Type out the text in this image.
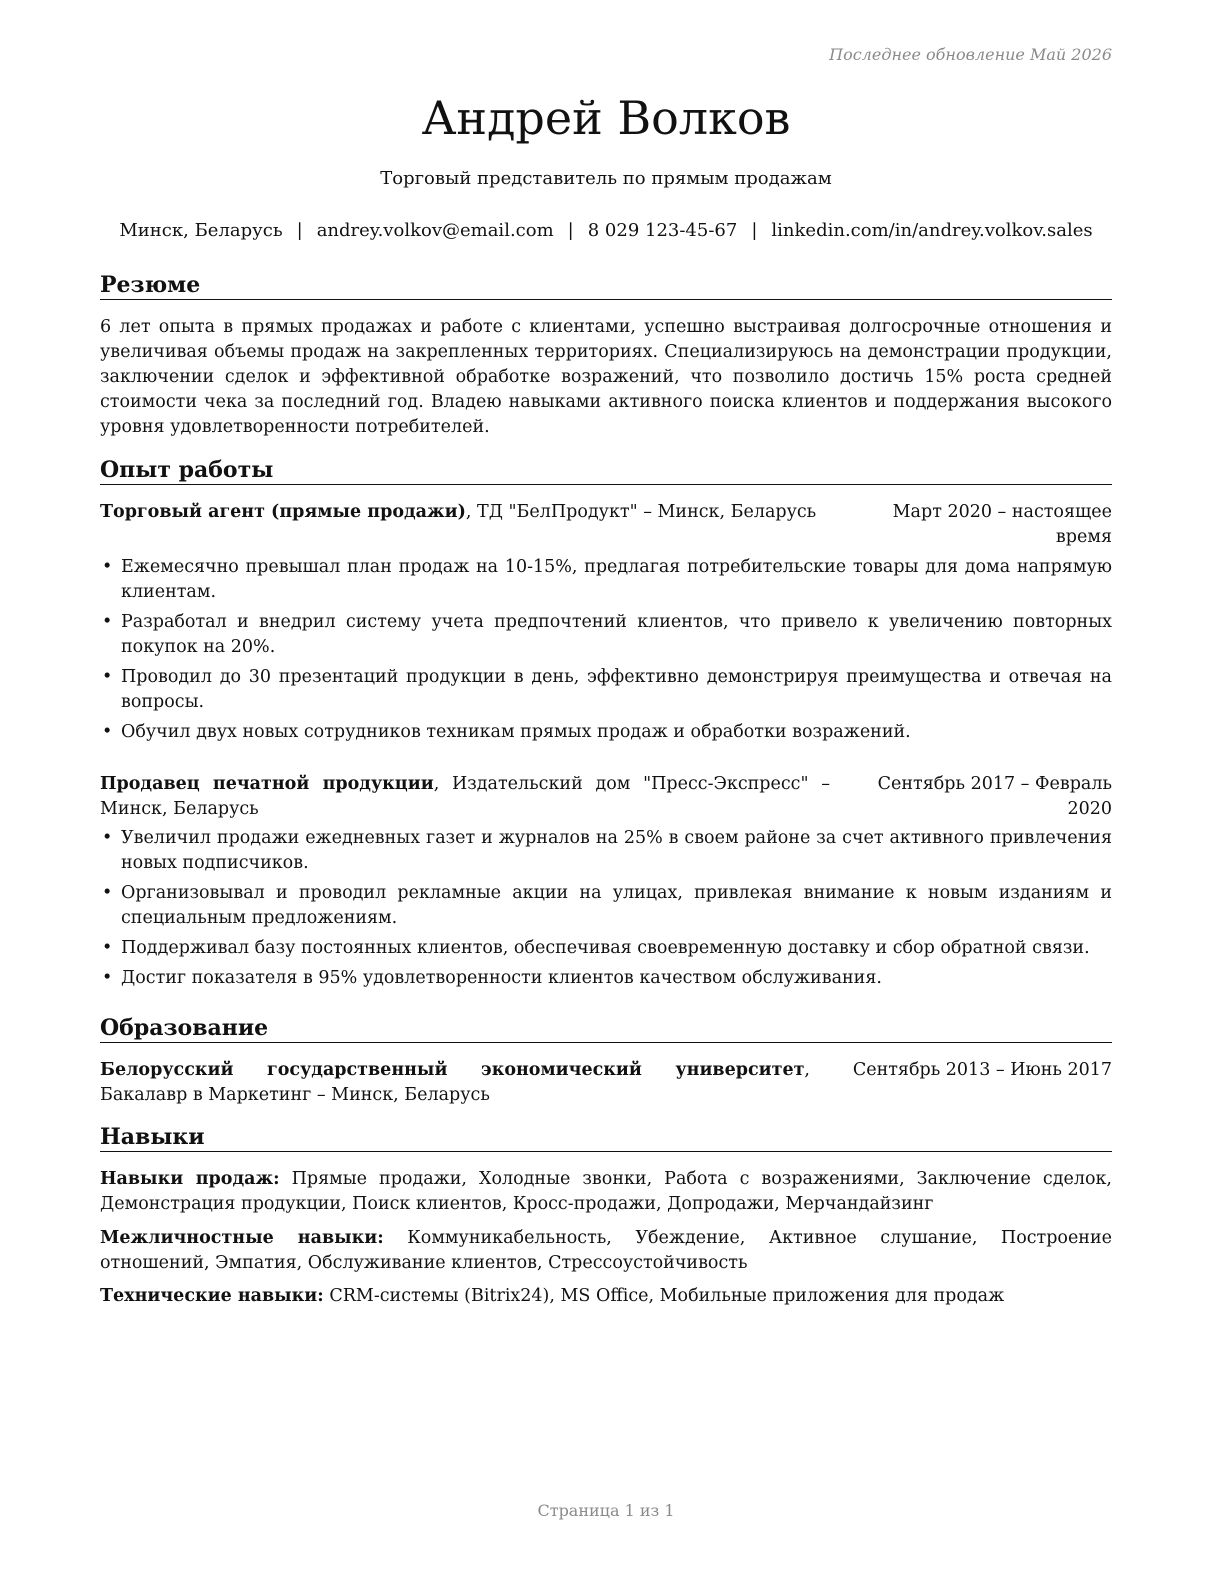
Последнее обновление Май 2026
Андрей Волков
Торговый представитель по прямым продажам
Минск, Беларусь | andrey.volkov@email.com | 8 029 123-45-67 | linkedin.com/in/andrey.volkov.sales
Резюме
6 лет опыта в прямых продажах и работе с клиентами, успешно выстраивая долгосрочные отношения и увеличивая объемы продаж на закрепленных территориях. Специализируюсь на демонстрации продукции, заключении сделок и эффективной обработке возражений, что позволило достичь 15% роста средней стоимости чека за последний год. Владею навыками активного поиска клиентов и поддержания высокого уровня удовлетворенности потребителей.
Опыт работы
Торговый агент (прямые продажи), ТД "БелПродукт" – Минск, Беларусь	Март 2020 – настоящее время
• Ежемесячно превышал план продаж на 10-15%, предлагая потребительские товары для дома напрямую клиентам.
• Разработал и внедрил систему учета предпочтений клиентов, что привело к увеличению повторных покупок на 20%.
• Проводил до 30 презентаций продукции в день, эффективно демонстрируя преимущества и отвечая на вопросы.
• Обучил двух новых сотрудников техникам прямых продаж и обработки возражений.
Продавец печатной продукции, Издательский дом "Пресс-Экспресс" – Минск, Беларусь
Сентябрь 2017 – Февраль 2020
• Увеличил продажи ежедневных газет и журналов на 25% в своем районе за счет активного привлечения новых подписчиков.
• Организовывал и проводил рекламные акции на улицах, привлекая внимание к новым изданиям и специальным предложениям.
• Поддерживал базу постоянных клиентов, обеспечивая своевременную доставку и сбор обратной связи.
• Достиг показателя в 95% удовлетворенности клиентов качеством обслуживания.
Образование
Белорусский государственный экономический университет, Бакалавр в Маркетинг – Минск, Беларусь
Сентябрь 2013 – Июнь 2017
Навыки
Навыки продаж: Прямые продажи, Холодные звонки, Работа с возражениями, Заключение сделок, Демонстрация продукции, Поиск клиентов, Кросс-продажи, Допродажи, Мерчандайзинг
Межличностные навыки: Коммуникабельность, Убеждение, Активное слушание, Построение отношений, Эмпатия, Обслуживание клиентов, Стрессоустойчивость
Технические навыки: CRM-системы (Bitrix24), MS Office, Мобильные приложения для продаж
Страница 1 из 1
